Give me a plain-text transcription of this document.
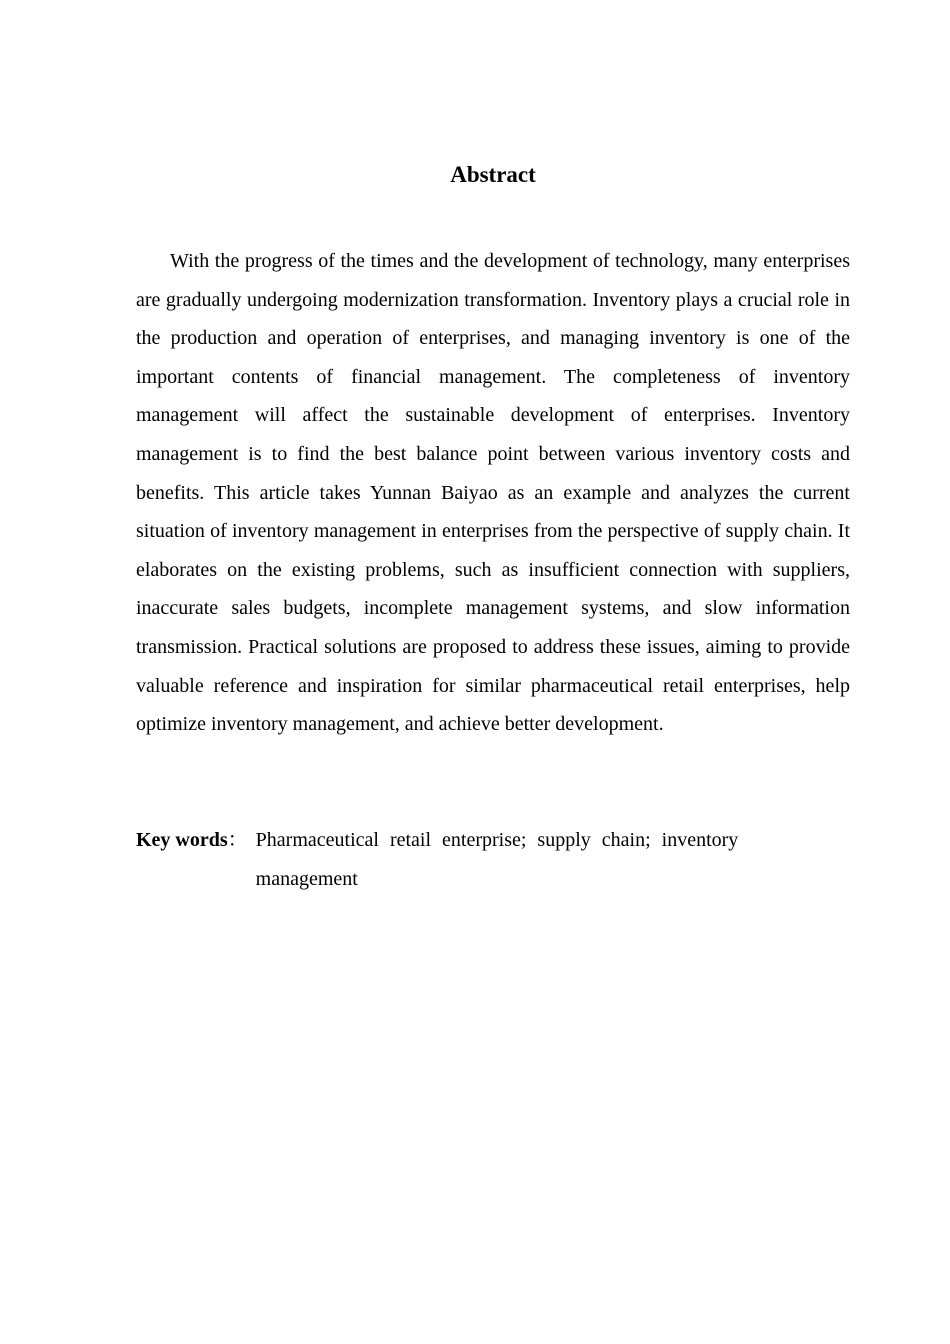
Abstract

With the progress of the times and the development of technology, many enterprises are gradually undergoing modernization transformation. Inventory plays a crucial role in the production and operation of enterprises, and managing inventory is one of the important contents of financial management. The completeness of inventory management will affect the sustainable development of enterprises. Inventory management is to find the best balance point between various inventory costs and benefits. This article takes Yunnan Baiyao as an example and analyzes the current situation of inventory management in enterprises from the perspective of supply chain. It elaborates on the existing problems, such as insufficient connection with suppliers, inaccurate sales budgets, incomplete management systems, and slow information transmission. Practical solutions are proposed to address these issues, aiming to provide valuable reference and inspiration for similar pharmaceutical retail enterprises, help optimize inventory management, and achieve better development.

Key words： Pharmaceutical retail enterprise; supply chain; inventory management
